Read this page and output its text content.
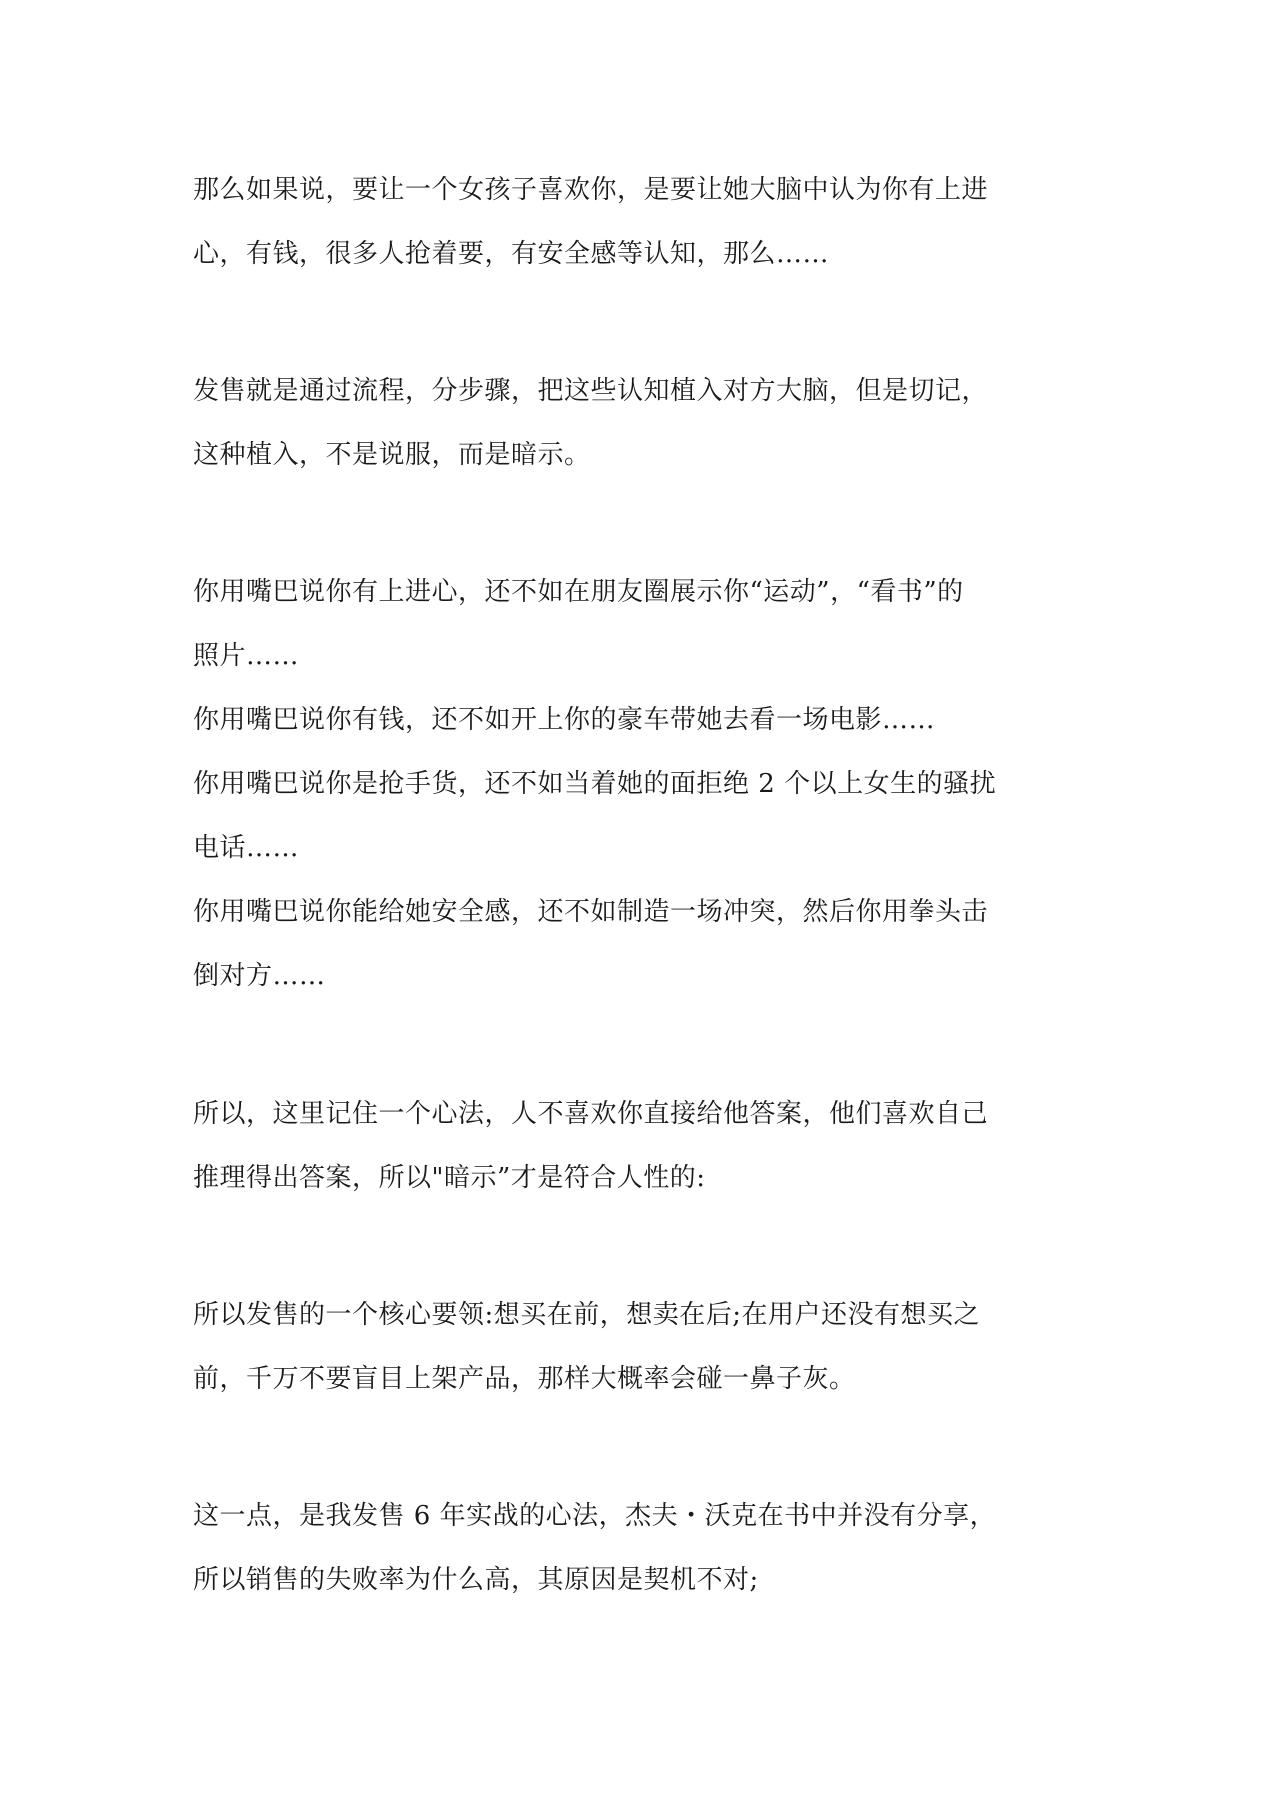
那么如果说，要让一个女孩子喜欢你，是要让她大脑中认为你有上进
心，有钱，很多人抢着要，有安全感等认知，那么……
发售就是通过流程，分步骤，把这些认知植入对方大脑，但是切记，
这种植入，不是说服，而是暗示。
你用嘴巴说你有上进心，还不如在朋友圈展示你“运动”，“看书”的
照片……
你用嘴巴说你有钱，还不如开上你的豪车带她去看一场电影……
你用嘴巴说你是抢手货，还不如当着她的面拒绝 2 个以上女生的骚扰
电话……
你用嘴巴说你能给她安全感，还不如制造一场冲突，然后你用拳头击
倒对方……
所以，这里记住一个心法，人不喜欢你直接给他答案，他们喜欢自己
推理得出答案，所以"暗示”才是符合人性的:
所以发售的一个核心要领:想买在前，想卖在后;在用户还没有想买之
前，千万不要盲目上架产品，那样大概率会碰一鼻子灰。
这一点，是我发售 6 年实战的心法，杰夫・沃克在书中并没有分享，
所以销售的失败率为什么高，其原因是契机不对;
